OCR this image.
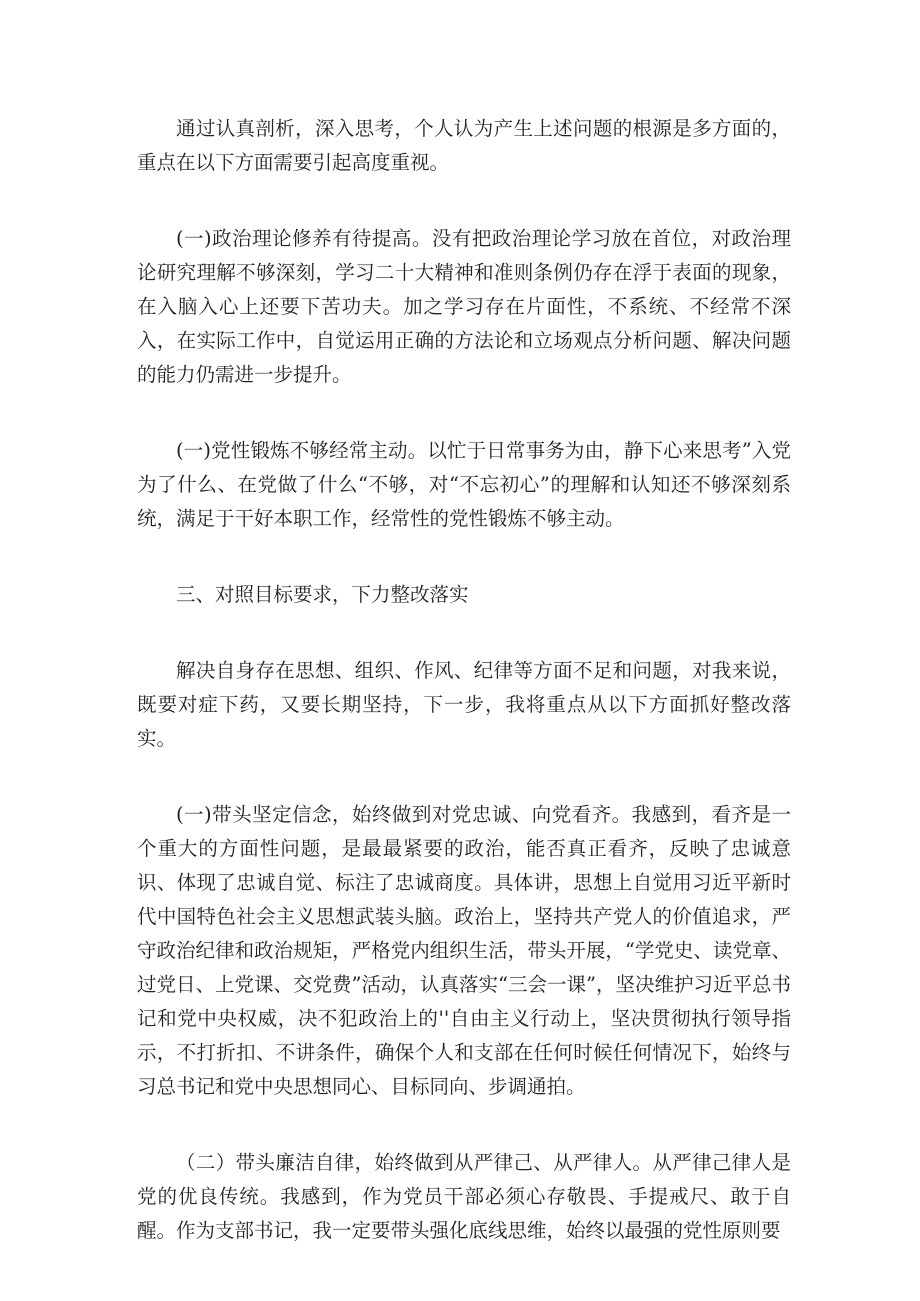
通过认真剖析，深入思考，个人认为产生上述问题的根源是多方面的，重点在以下方面需要引起高度重视。

(一)政治理论修养有待提高。没有把政治理论学习放在首位，对政治理论研究理解不够深刻，学习二十大精神和准则条例仍存在浮于表面的现象，在入脑入心上还要下苦功夫。加之学习存在片面性，不系统、不经常不深入，在实际工作中，自觉运用正确的方法论和立场观点分析问题、解决问题的能力仍需进一步提升。

(一)党性锻炼不够经常主动。以忙于日常事务为由，静下心来思考”入党为了什么、在党做了什么“不够，对“不忘初心”的理解和认知还不够深刻系统，满足于干好本职工作，经常性的党性锻炼不够主动。

三、对照目标要求，下力整改落实

解决自身存在思想、组织、作风、纪律等方面不足和问题，对我来说，既要对症下药，又要长期坚持，下一步，我将重点从以下方面抓好整改落实。

(一)带头坚定信念，始终做到对党忠诚、向党看齐。我感到，看齐是一个重大的方面性问题，是最最紧要的政治，能否真正看齐，反映了忠诚意识、体现了忠诚自觉、标注了忠诚商度。具体讲，思想上自觉用习近平新时代中国特色社会主义思想武装头脑。政治上，坚持共产党人的价值追求，严守政治纪律和政治规矩，严格党内组织生活，带头开展，“学党史、读党章、过党日、上党课、交党费”活动，认真落实“三会一课”，坚决维护习近平总书记和党中央权威，决不犯政治上的''自由主义行动上，坚决贯彻执行领导指示，不打折扣、不讲条件，确保个人和支部在任何时候任何情况下，始终与习总书记和党中央思想同心、目标同向、步调通拍。

（二）带头廉洁自律，始终做到从严律己、从严律人。从严律己律人是党的优良传统。我感到，作为党员干部必须心存敬畏、手提戒尺、敢于自醒。作为支部书记，我一定要带头强化底线思维，始终以最强的党性原则要
